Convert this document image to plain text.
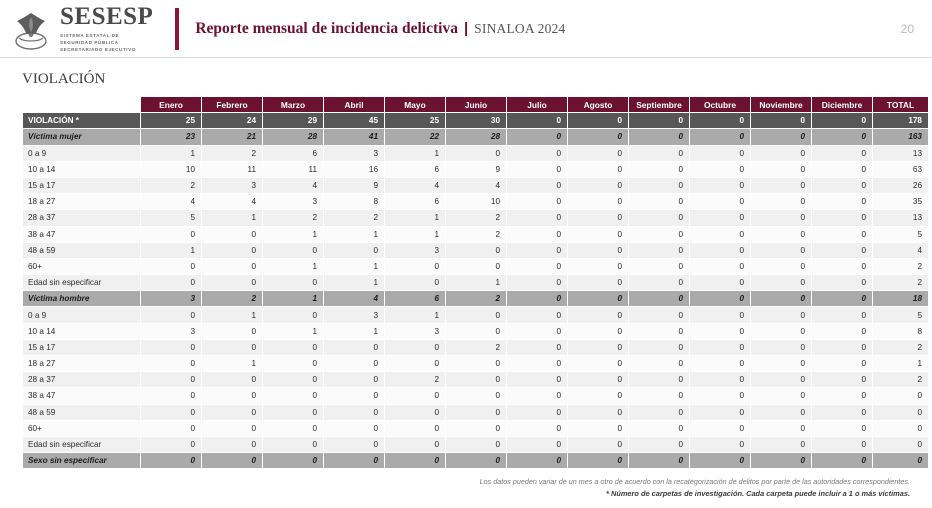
SESESP
SISTEMA ESTATAL DE
SEGURIDAD PÚBLICA
SECRETARIADO EJECUTIVO
Reporte mensual de incidencia delictiva | SINALOA 2024	20
VIOLACIÓN
	Enero	Febrero	Marzo	Abril	Mayo	Junio	Julio	Agosto	Septiembre	Octubre	Noviembre	Diciembre	TOTAL
VIOLACIÓN *	25	24	29	45	25	30	0	0	0	0	0	0	178
Víctima mujer	23	21	28	41	22	28	0	0	0	0	0	0	163
0 a 9	1	2	6	3	1	0	0	0	0	0	0	0	13
10 a 14	10	11	11	16	6	9	0	0	0	0	0	0	63
15 a 17	2	3	4	9	4	4	0	0	0	0	0	0	26
18 a 27	4	4	3	8	6	10	0	0	0	0	0	0	35
28 a 37	5	1	2	2	1	2	0	0	0	0	0	0	13
38 a 47	0	0	1	1	1	2	0	0	0	0	0	0	5
48 a 59	1	0	0	0	3	0	0	0	0	0	0	0	4
60+	0	0	1	1	0	0	0	0	0	0	0	0	2
Edad sin especificar	0	0	0	1	0	1	0	0	0	0	0	0	2
Víctima hombre	3	2	1	4	6	2	0	0	0	0	0	0	18
0 a 9	0	1	0	3	1	0	0	0	0	0	0	0	5
10 a 14	3	0	1	1	3	0	0	0	0	0	0	0	8
15 a 17	0	0	0	0	0	2	0	0	0	0	0	0	2
18 a 27	0	1	0	0	0	0	0	0	0	0	0	0	1
28 a 37	0	0	0	0	2	0	0	0	0	0	0	0	2
38 a 47	0	0	0	0	0	0	0	0	0	0	0	0	0
48 a 59	0	0	0	0	0	0	0	0	0	0	0	0	0
60+	0	0	0	0	0	0	0	0	0	0	0	0	0
Edad sin especificar	0	0	0	0	0	0	0	0	0	0	0	0	0
Sexo sin especificar	0	0	0	0	0	0	0	0	0	0	0	0	0
Los datos pueden variar de un mes a otro de acuerdo con la recategorización de delitos por parte de las autoridades correspondientes.
* Número de carpetas de investigación. Cada carpeta puede incluir a 1 o más víctimas.
